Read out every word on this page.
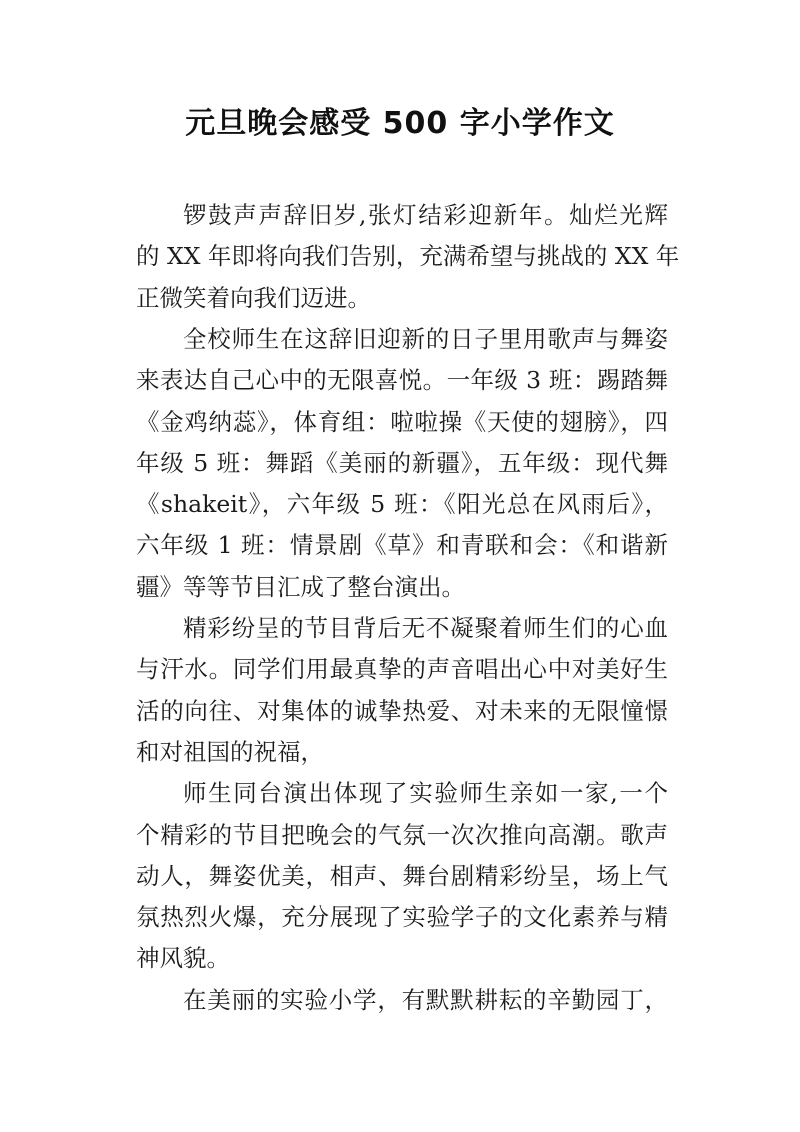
元旦晚会感受 500 字小学作文
锣鼓声声辞旧岁,张灯结彩迎新年。灿烂光辉
的 XX 年即将向我们告别，充满希望与挑战的 XX 年
正微笑着向我们迈进。
全校师生在这辞旧迎新的日子里用歌声与舞姿
来表达自己心中的无限喜悦。一年级 3 班：踢踏舞
《金鸡纳蕊》，体育组：啦啦操《天使的翅膀》，四
年级 5 班：舞蹈《美丽的新疆》，五年级：现代舞
《shakeit》，六年级 5 班：《阳光总在风雨后》，
六年级 1 班：情景剧《草》和青联和会：《和谐新
疆》等等节目汇成了整台演出。
精彩纷呈的节目背后无不凝聚着师生们的心血
与汗水。同学们用最真挚的声音唱出心中对美好生
活的向往、对集体的诚挚热爱、对未来的无限憧憬
和对祖国的祝福，
师生同台演出体现了实验师生亲如一家,一个
个精彩的节目把晚会的气氛一次次推向高潮。歌声
动人，舞姿优美，相声、舞台剧精彩纷呈，场上气
氛热烈火爆，充分展现了实验学子的文化素养与精
神风貌。
在美丽的实验小学，有默默耕耘的辛勤园丁，
